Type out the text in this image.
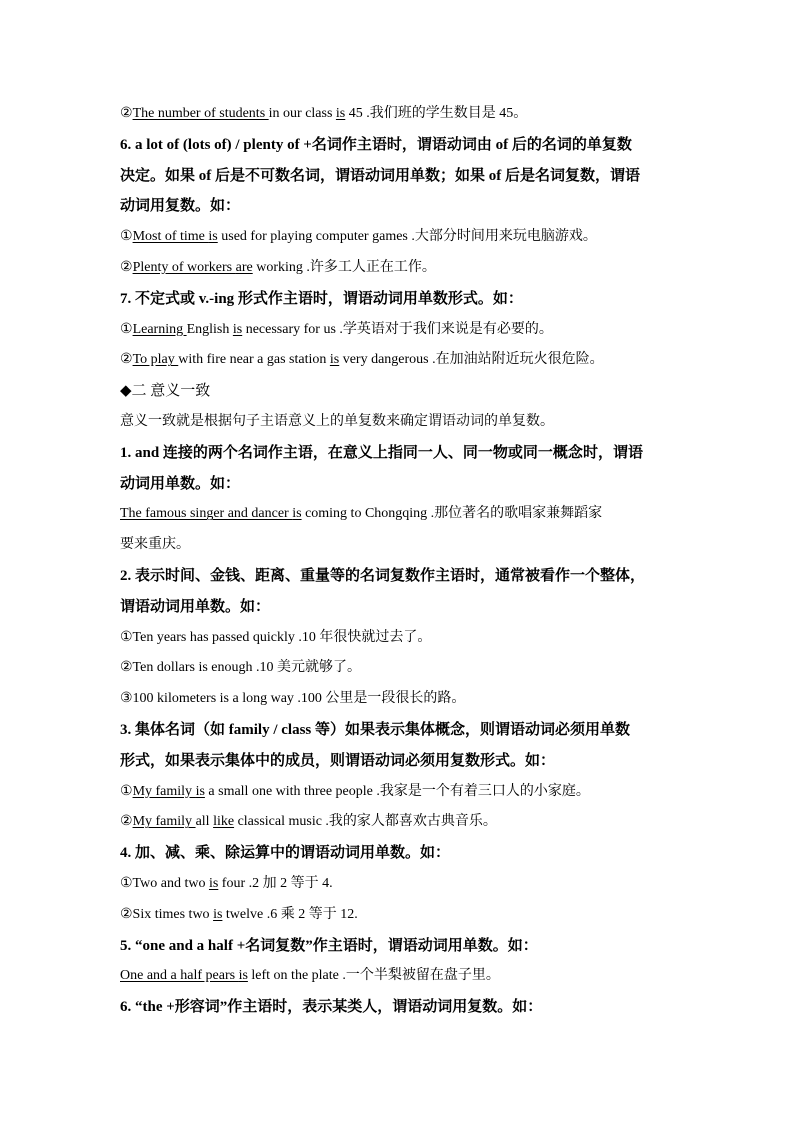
②The number of students in our class is 45 .我们班的学生数目是 45。
6. a lot of (lots of) / plenty of +名词作主语时，谓语动词由 of 后的名词的单复数
决定。如果 of 后是不可数名词，谓语动词用单数；如果 of 后是名词复数，谓语
动词用复数。如：
①Most of time is used for playing computer games .大部分时间用来玩电脑游戏。
②Plenty of workers are working .许多工人正在工作。
7. 不定式或 v.-ing 形式作主语时，谓语动词用单数形式。如：
①Learning English is necessary for us .学英语对于我们来说是有必要的。
②To play with fire near a gas station is very dangerous .在加油站附近玩火很危险。
◆二 意义一致
意义一致就是根据句子主语意义上的单复数来确定谓语动词的单复数。
1. and 连接的两个名词作主语，在意义上指同一人、同一物或同一概念时，谓语
动词用单数。如：
The famous singer and dancer is coming to Chongqing .那位著名的歌唱家兼舞蹈家
要来重庆。
2. 表示时间、金钱、距离、重量等的名词复数作主语时，通常被看作一个整体，
谓语动词用单数。如：
①Ten years has passed quickly .10 年很快就过去了。
②Ten dollars is enough .10 美元就够了。
③100 kilometers is a long way .100 公里是一段很长的路。
3. 集体名词（如 family / class 等）如果表示集体概念，则谓语动词必须用单数
形式，如果表示集体中的成员，则谓语动词必须用复数形式。如：
①My family is a small one with three people .我家是一个有着三口人的小家庭。
②My family all like classical music .我的家人都喜欢古典音乐。
4. 加、减、乘、除运算中的谓语动词用单数。如：
①Two and two is four .2 加 2 等于 4.
②Six times two is twelve .6 乘 2 等于 12.
5. “one and a half +名词复数”作主语时，谓语动词用单数。如：
One and a half pears is left on the plate .一个半梨被留在盘子里。
6. “the +形容词”作主语时，表示某类人，谓语动词用复数。如：
